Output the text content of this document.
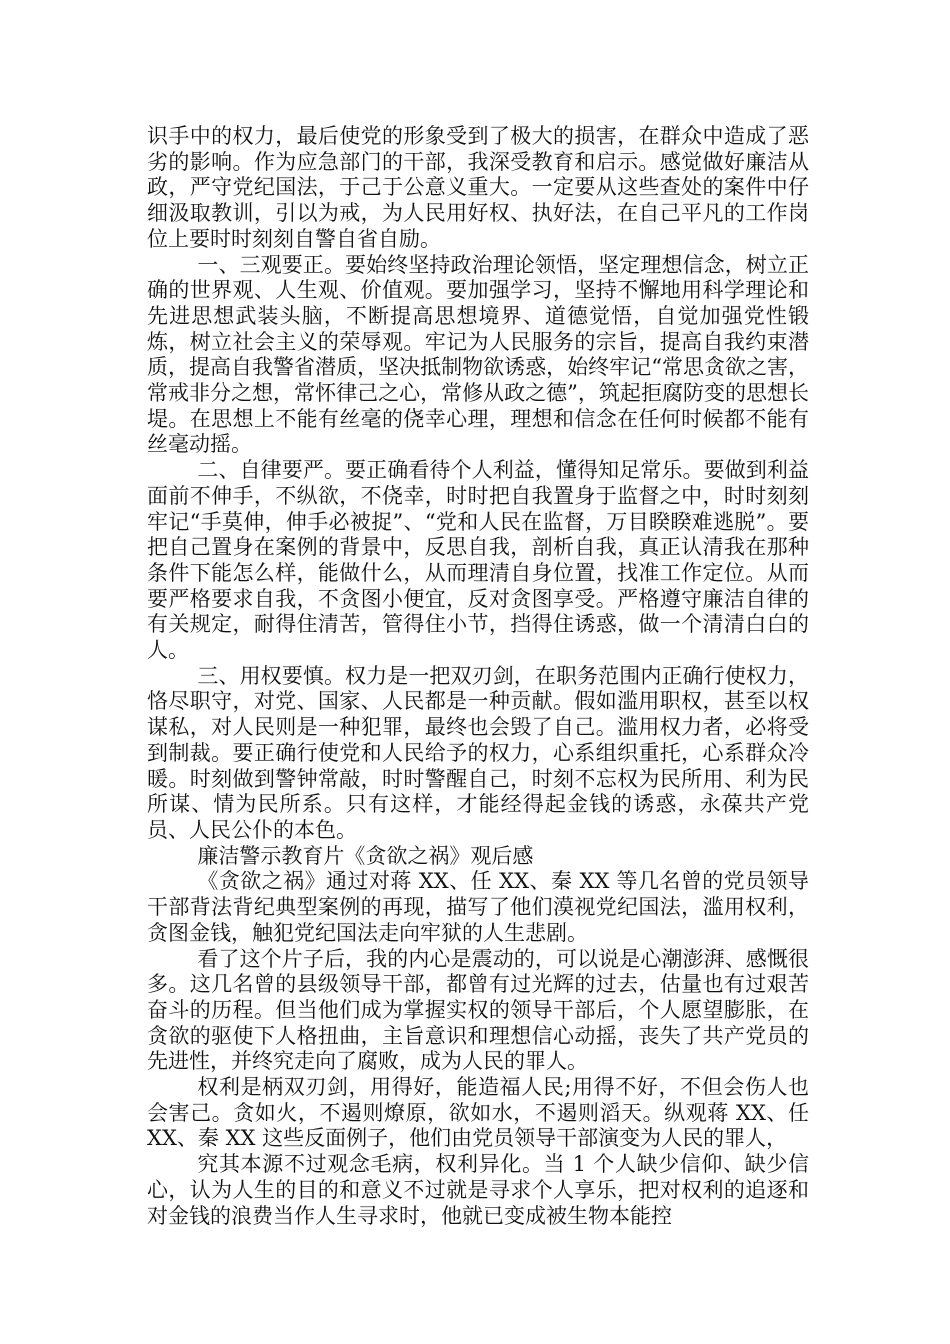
识手中的权力，最后使党的形象受到了极大的损害，在群众中造成了恶劣的影响。作为应急部门的干部，我深受教育和启示。感觉做好廉洁从政，严守党纪国法，于己于公意义重大。一定要从这些查处的案件中仔细汲取教训，引以为戒，为人民用好权、执好法，在自己平凡的工作岗位上要时时刻刻自警自省自励。

一、三观要正。要始终坚持政治理论领悟，坚定理想信念，树立正确的世界观、人生观、价值观。要加强学习，坚持不懈地用科学理论和先进思想武装头脑，不断提高思想境界、道德觉悟，自觉加强党性锻炼，树立社会主义的荣辱观。牢记为人民服务的宗旨，提高自我约束潜质，提高自我警省潜质，坚决抵制物欲诱惑，始终牢记“常思贪欲之害，常戒非分之想，常怀律己之心，常修从政之德”，筑起拒腐防变的思想长堤。在思想上不能有丝毫的侥幸心理，理想和信念在任何时候都不能有丝毫动摇。

二、自律要严。要正确看待个人利益，懂得知足常乐。要做到利益面前不伸手，不纵欲，不侥幸，时时把自我置身于监督之中，时时刻刻牢记“手莫伸，伸手必被捉”、“党和人民在监督，万目睽睽难逃脱”。要把自己置身在案例的背景中，反思自我，剖析自我，真正认清我在那种条件下能怎么样，能做什么，从而理清自身位置，找准工作定位。从而要严格要求自我，不贪图小便宜，反对贪图享受。严格遵守廉洁自律的有关规定，耐得住清苦，管得住小节，挡得住诱惑，做一个清清白白的人。

三、用权要慎。权力是一把双刃剑，在职务范围内正确行使权力，恪尽职守，对党、国家、人民都是一种贡献。假如滥用职权，甚至以权谋私，对人民则是一种犯罪，最终也会毁了自己。滥用权力者，必将受到制裁。要正确行使党和人民给予的权力，心系组织重托，心系群众冷暖。时刻做到警钟常敲，时时警醒自己，时刻不忘权为民所用、利为民所谋、情为民所系。只有这样，才能经得起金钱的诱惑，永葆共产党员、人民公仆的本色。

廉洁警示教育片《贪欲之祸》观后感

《贪欲之祸》通过对蒋 XX、任 XX、秦 XX 等几名曾的党员领导干部背法背纪典型案例的再现，描写了他们漠视党纪国法，滥用权利，贪图金钱，触犯党纪国法走向牢狱的人生悲剧。

看了这个片子后，我的内心是震动的，可以说是心潮澎湃、感慨很多。这几名曾的县级领导干部，都曾有过光辉的过去，估量也有过艰苦奋斗的历程。但当他们成为掌握实权的领导干部后，个人愿望膨胀，在贪欲的驱使下人格扭曲，主旨意识和理想信心动摇，丧失了共产党员的先进性，并终究走向了腐败，成为人民的罪人。

权利是柄双刃剑，用得好，能造福人民;用得不好，不但会伤人也会害己。贪如火，不遏则燎原，欲如水，不遏则滔天。纵观蒋 XX、任 XX、秦 XX 这些反面例子，他们由党员领导干部演变为人民的罪人，

究其本源不过观念毛病，权利异化。当 1 个人缺少信仰、缺少信心，认为人生的目的和意义不过就是寻求个人享乐，把对权利的追逐和对金钱的浪费当作人生寻求时，他就已变成被生物本能控
